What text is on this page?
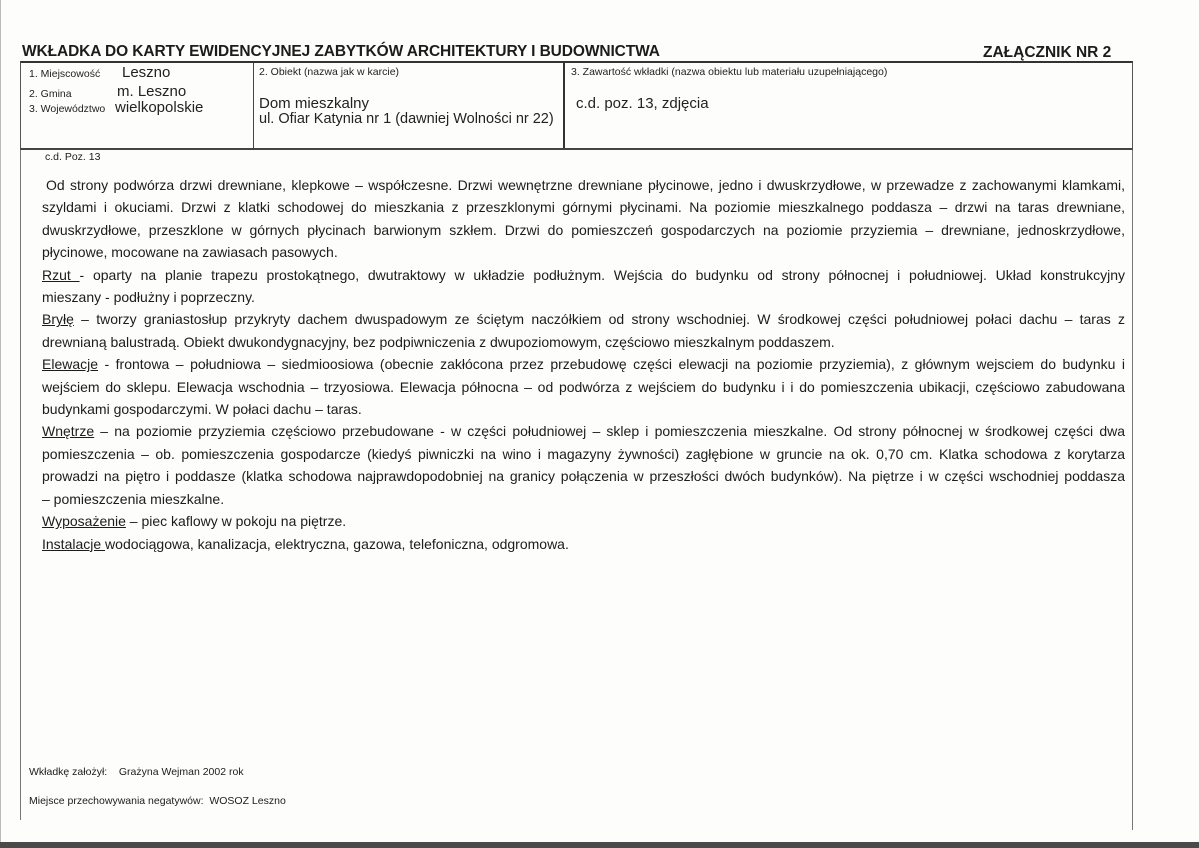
WKŁADKA DO KARTY EWIDENCYJNEJ ZABYTKÓW ARCHITEKTURY I BUDOWNICTWA	ZAŁĄCZNIK NR 2
1. Miejscowość Leszno
2. Gmina	m. Leszno
3. Województwo wielkopolskie
2. Obiekt (nazwa jak w karcie)
Dom mieszkalny
ul. Ofiar Katynia nr 1 (dawniej Wolności nr 22)
3. Zawartość wkładki (nazwa obiektu lub materiału uzupełniającego)
c.d. poz. 13, zdjęcia
c.d. Poz. 13
Od strony podwórza drzwi drewniane, klepkowe – współczesne. Drzwi wewnętrzne drewniane płycinowe, jedno i dwuskrzydłowe, w przewadze z zachowanymi klamkami,
szyldami i okuciami. Drzwi z klatki schodowej do mieszkania z przeszklonymi górnymi płycinami. Na poziomie mieszkalnego poddasza – drzwi na taras drewniane,
dwuskrzydłowe, przeszklone w górnych płycinach barwionym szkłem. Drzwi do pomieszczeń gospodarczych na poziomie przyziemia – drewniane, jednoskrzydłowe,
płycinowe, mocowane na zawiasach pasowych.
Rzut - oparty na planie trapezu prostokątnego, dwutraktowy w układzie podłużnym. Wejścia do budynku od strony północnej i południowej. Układ konstrukcyjny
mieszany - podłużny i poprzeczny.
Bryłę – tworzy graniastosłup przykryty dachem dwuspadowym ze ściętym naczółkiem od strony wschodniej. W środkowej części południowej połaci dachu – taras z
drewnianą balustradą. Obiekt dwukondygnacyjny, bez podpiwniczenia z dwupoziomowym, częściowo mieszkalnym poddaszem.
Elewacje - frontowa – południowa – siedmioosiowa (obecnie zakłócona przez przebudowę części elewacji na poziomie przyziemia), z głównym wejsciem do budynku i
wejściem do sklepu. Elewacja wschodnia – trzyosiowa. Elewacja północna – od podwórza z wejściem do budynku i i do pomieszczenia ubikacji, częściowo zabudowana
budynkami gospodarczymi. W połaci dachu – taras.
Wnętrze – na poziomie przyziemia częściowo przebudowane - w części południowej – sklep i pomieszczenia mieszkalne. Od strony północnej w środkowej części dwa
pomieszczenia – ob. pomieszczenia gospodarcze (kiedyś piwniczki na wino i magazyny żywności) zagłębione w gruncie na ok. 0,70 cm. Klatka schodowa z korytarza
prowadzi na piętro i poddasze (klatka schodowa najprawdopodobniej na granicy połączenia w przeszłości dwóch budynków). Na piętrze i w części wschodniej poddasza
– pomieszczenia mieszkalne.
Wyposażenie – piec kaflowy w pokoju na piętrze.
Instalacje wodociągowa, kanalizacja, elektryczna, gazowa, telefoniczna, odgromowa.
Wkładkę założył: Grażyna Wejman 2002 rok
Miejsce przechowywania negatywów: WOSOZ Leszno
